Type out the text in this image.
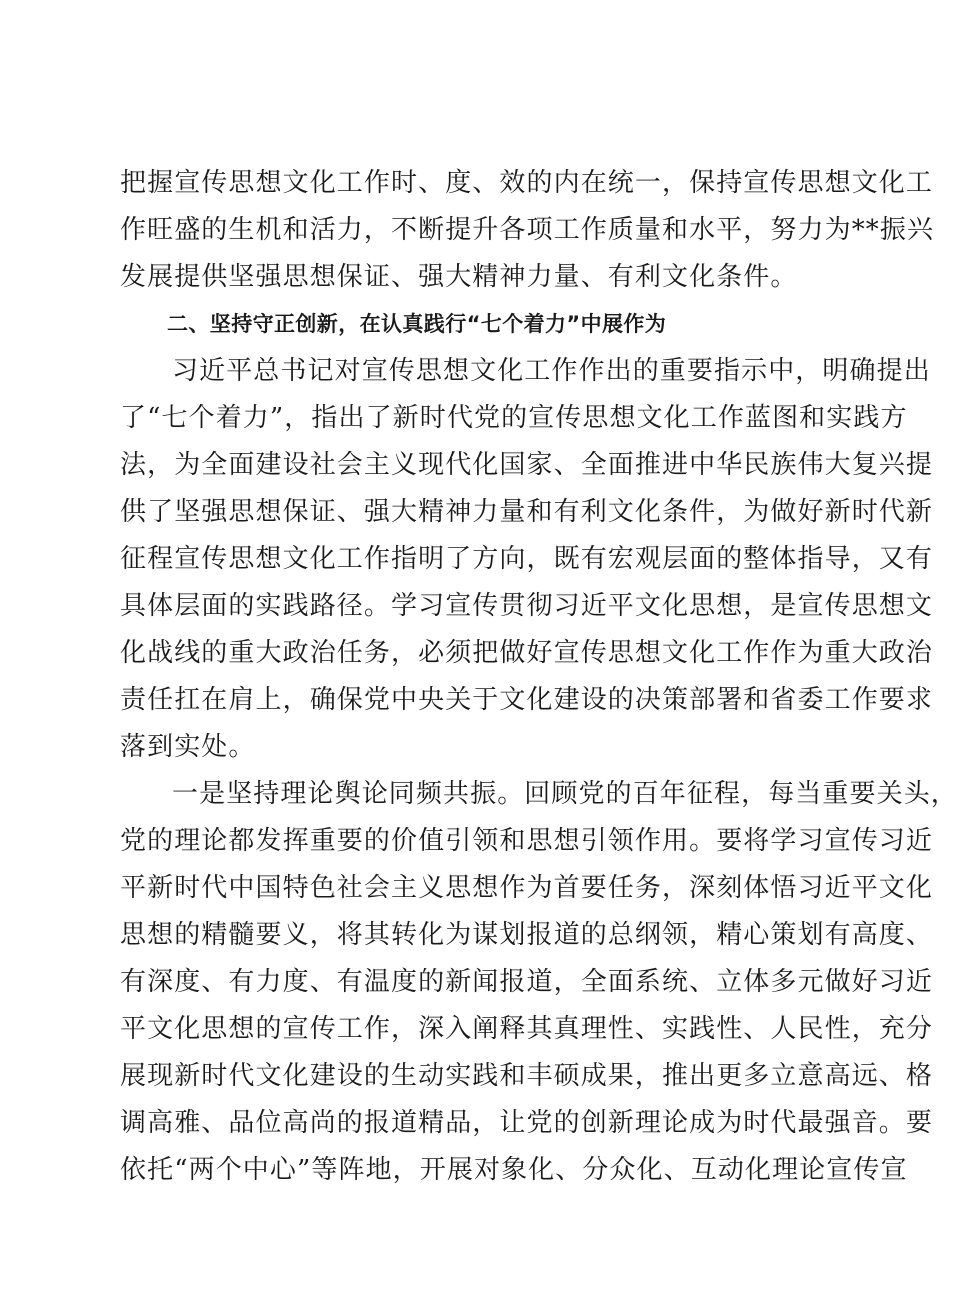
把握宣传思想文化工作时、度、效的内在统一，保持宣传思想文化工
作旺盛的生机和活力，不断提升各项工作质量和水平，努力为**振兴
发展提供坚强思想保证、强大精神力量、有利文化条件。
二、坚持守正创新，在认真践行“七个着力”中展作为
习近平总书记对宣传思想文化工作作出的重要指示中，明确提出
了“七个着力”，指出了新时代党的宣传思想文化工作蓝图和实践方
法，为全面建设社会主义现代化国家、全面推进中华民族伟大复兴提
供了坚强思想保证、强大精神力量和有利文化条件，为做好新时代新
征程宣传思想文化工作指明了方向，既有宏观层面的整体指导，又有
具体层面的实践路径。学习宣传贯彻习近平文化思想，是宣传思想文
化战线的重大政治任务，必须把做好宣传思想文化工作作为重大政治
责任扛在肩上，确保党中央关于文化建设的决策部署和省委工作要求
落到实处。
一是坚持理论舆论同频共振。回顾党的百年征程，每当重要关头，
党的理论都发挥重要的价值引领和思想引领作用。要将学习宣传习近
平新时代中国特色社会主义思想作为首要任务，深刻体悟习近平文化
思想的精髓要义，将其转化为谋划报道的总纲领，精心策划有高度、
有深度、有力度、有温度的新闻报道，全面系统、立体多元做好习近
平文化思想的宣传工作，深入阐释其真理性、实践性、人民性，充分
展现新时代文化建设的生动实践和丰硕成果，推出更多立意高远、格
调高雅、品位高尚的报道精品，让党的创新理论成为时代最强音。要
依托“两个中心”等阵地，开展对象化、分众化、互动化理论宣传宣
